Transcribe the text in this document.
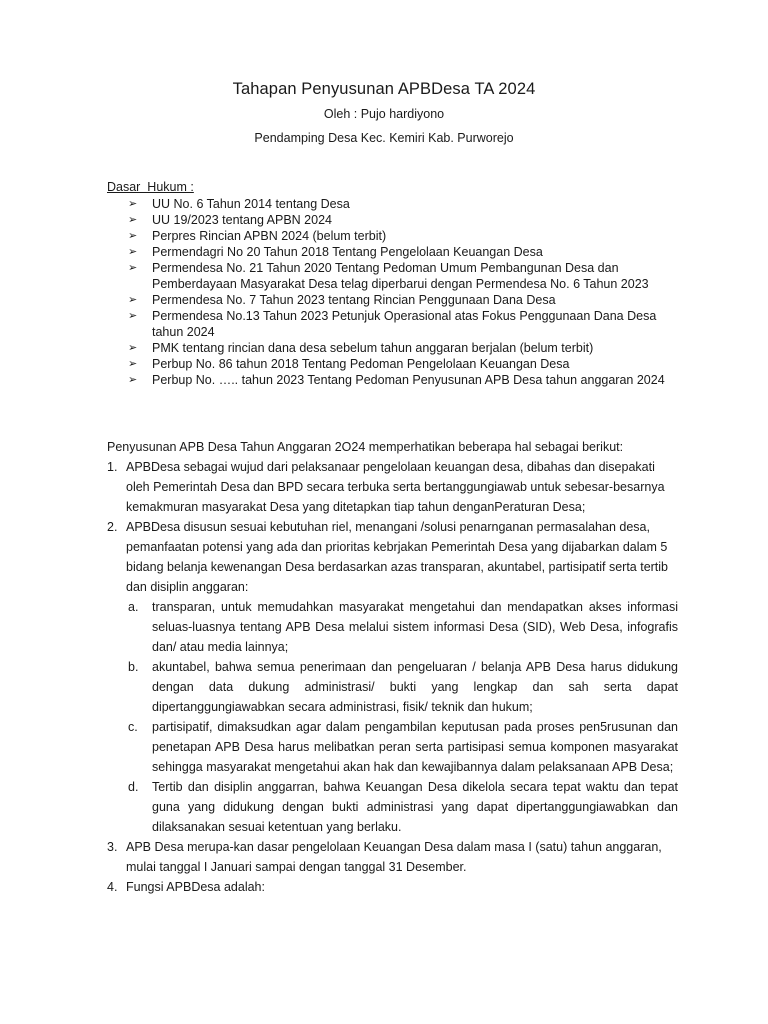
Tahapan Penyusunan APBDesa TA 2024
Oleh : Pujo hardiyono
Pendamping Desa Kec. Kemiri Kab. Purworejo
Dasar  Hukum :
➢	UU No. 6 Tahun 2014 tentang Desa
➢	UU 19/2023 tentang APBN 2024
➢	Perpres Rincian APBN 2024 (belum terbit)
➢	Permendagri No 20 Tahun 2018 Tentang Pengelolaan Keuangan Desa
➢	Permendesa No. 21 Tahun 2020 Tentang Pedoman Umum Pembangunan Desa dan Pemberdayaan Masyarakat Desa telag diperbarui dengan Permendesa No. 6 Tahun 2023
➢	Permendesa No. 7 Tahun 2023 tentang Rincian Penggunaan Dana Desa
➢	Permendesa No.13 Tahun 2023 Petunjuk Operasional atas Fokus Penggunaan Dana Desa tahun 2024
➢	PMK tentang rincian dana desa sebelum tahun anggaran berjalan (belum terbit)
➢	Perbup No. 86 tahun 2018 Tentang Pedoman Pengelolaan Keuangan Desa
➢	Perbup No. ….. tahun 2023 Tentang Pedoman Penyusunan APB Desa tahun anggaran 2024
Penyusunan APB Desa Tahun Anggaran 2O24 memperhatikan beberapa hal sebagai berikut:
1. APBDesa sebagai wujud dari pelaksanaar pengelolaan keuangan desa, dibahas dan disepakati oleh Pemerintah Desa dan BPD secara terbuka serta bertanggungiawab untuk sebesar-besarnya kemakmuran masyarakat Desa yang ditetapkan tiap tahun denganPeraturan Desa;
2. APBDesa disusun sesuai kebutuhan riel, menangani /solusi penarnganan permasalahan desa, pemanfaatan potensi yang ada dan prioritas kebrjakan Pemerintah Desa yang dijabarkan dalam 5 bidang belanja kewenangan Desa berdasarkan azas transparan, akuntabel, partisipatif serta tertib dan disiplin anggaran:
a. transparan, untuk memudahkan masyarakat mengetahui dan mendapatkan akses informasi seluas-luasnya tentang APB Desa melalui sistem informasi Desa (SID), Web Desa, infografis dan/ atau media lainnya;
b. akuntabel, bahwa semua penerimaan dan pengeluaran / belanja APB Desa harus didukung dengan data dukung administrasi/ bukti yang lengkap dan sah serta dapat dipertanggungiawabkan secara administrasi, fisik/ teknik dan hukum;
c. partisipatif, dimaksudkan agar dalam pengambilan keputusan pada proses pen5rusunan dan penetapan APB Desa harus melibatkan peran serta partisipasi semua komponen masyarakat sehingga masyarakat mengetahui akan hak dan kewajibannya dalam pelaksanaan APB Desa;
d. Tertib dan disiplin anggarran, bahwa Keuangan Desa dikelola secara tepat waktu dan tepat guna yang didukung dengan bukti administrasi yang dapat dipertanggungiawabkan dan dilaksanakan sesuai ketentuan yang berlaku.
3. APB Desa merupa-kan dasar pengelolaan Keuangan Desa dalam masa I (satu) tahun anggaran, mulai tanggal I Januari sampai dengan tanggal 31 Desember.
4. Fungsi APBDesa adalah:
